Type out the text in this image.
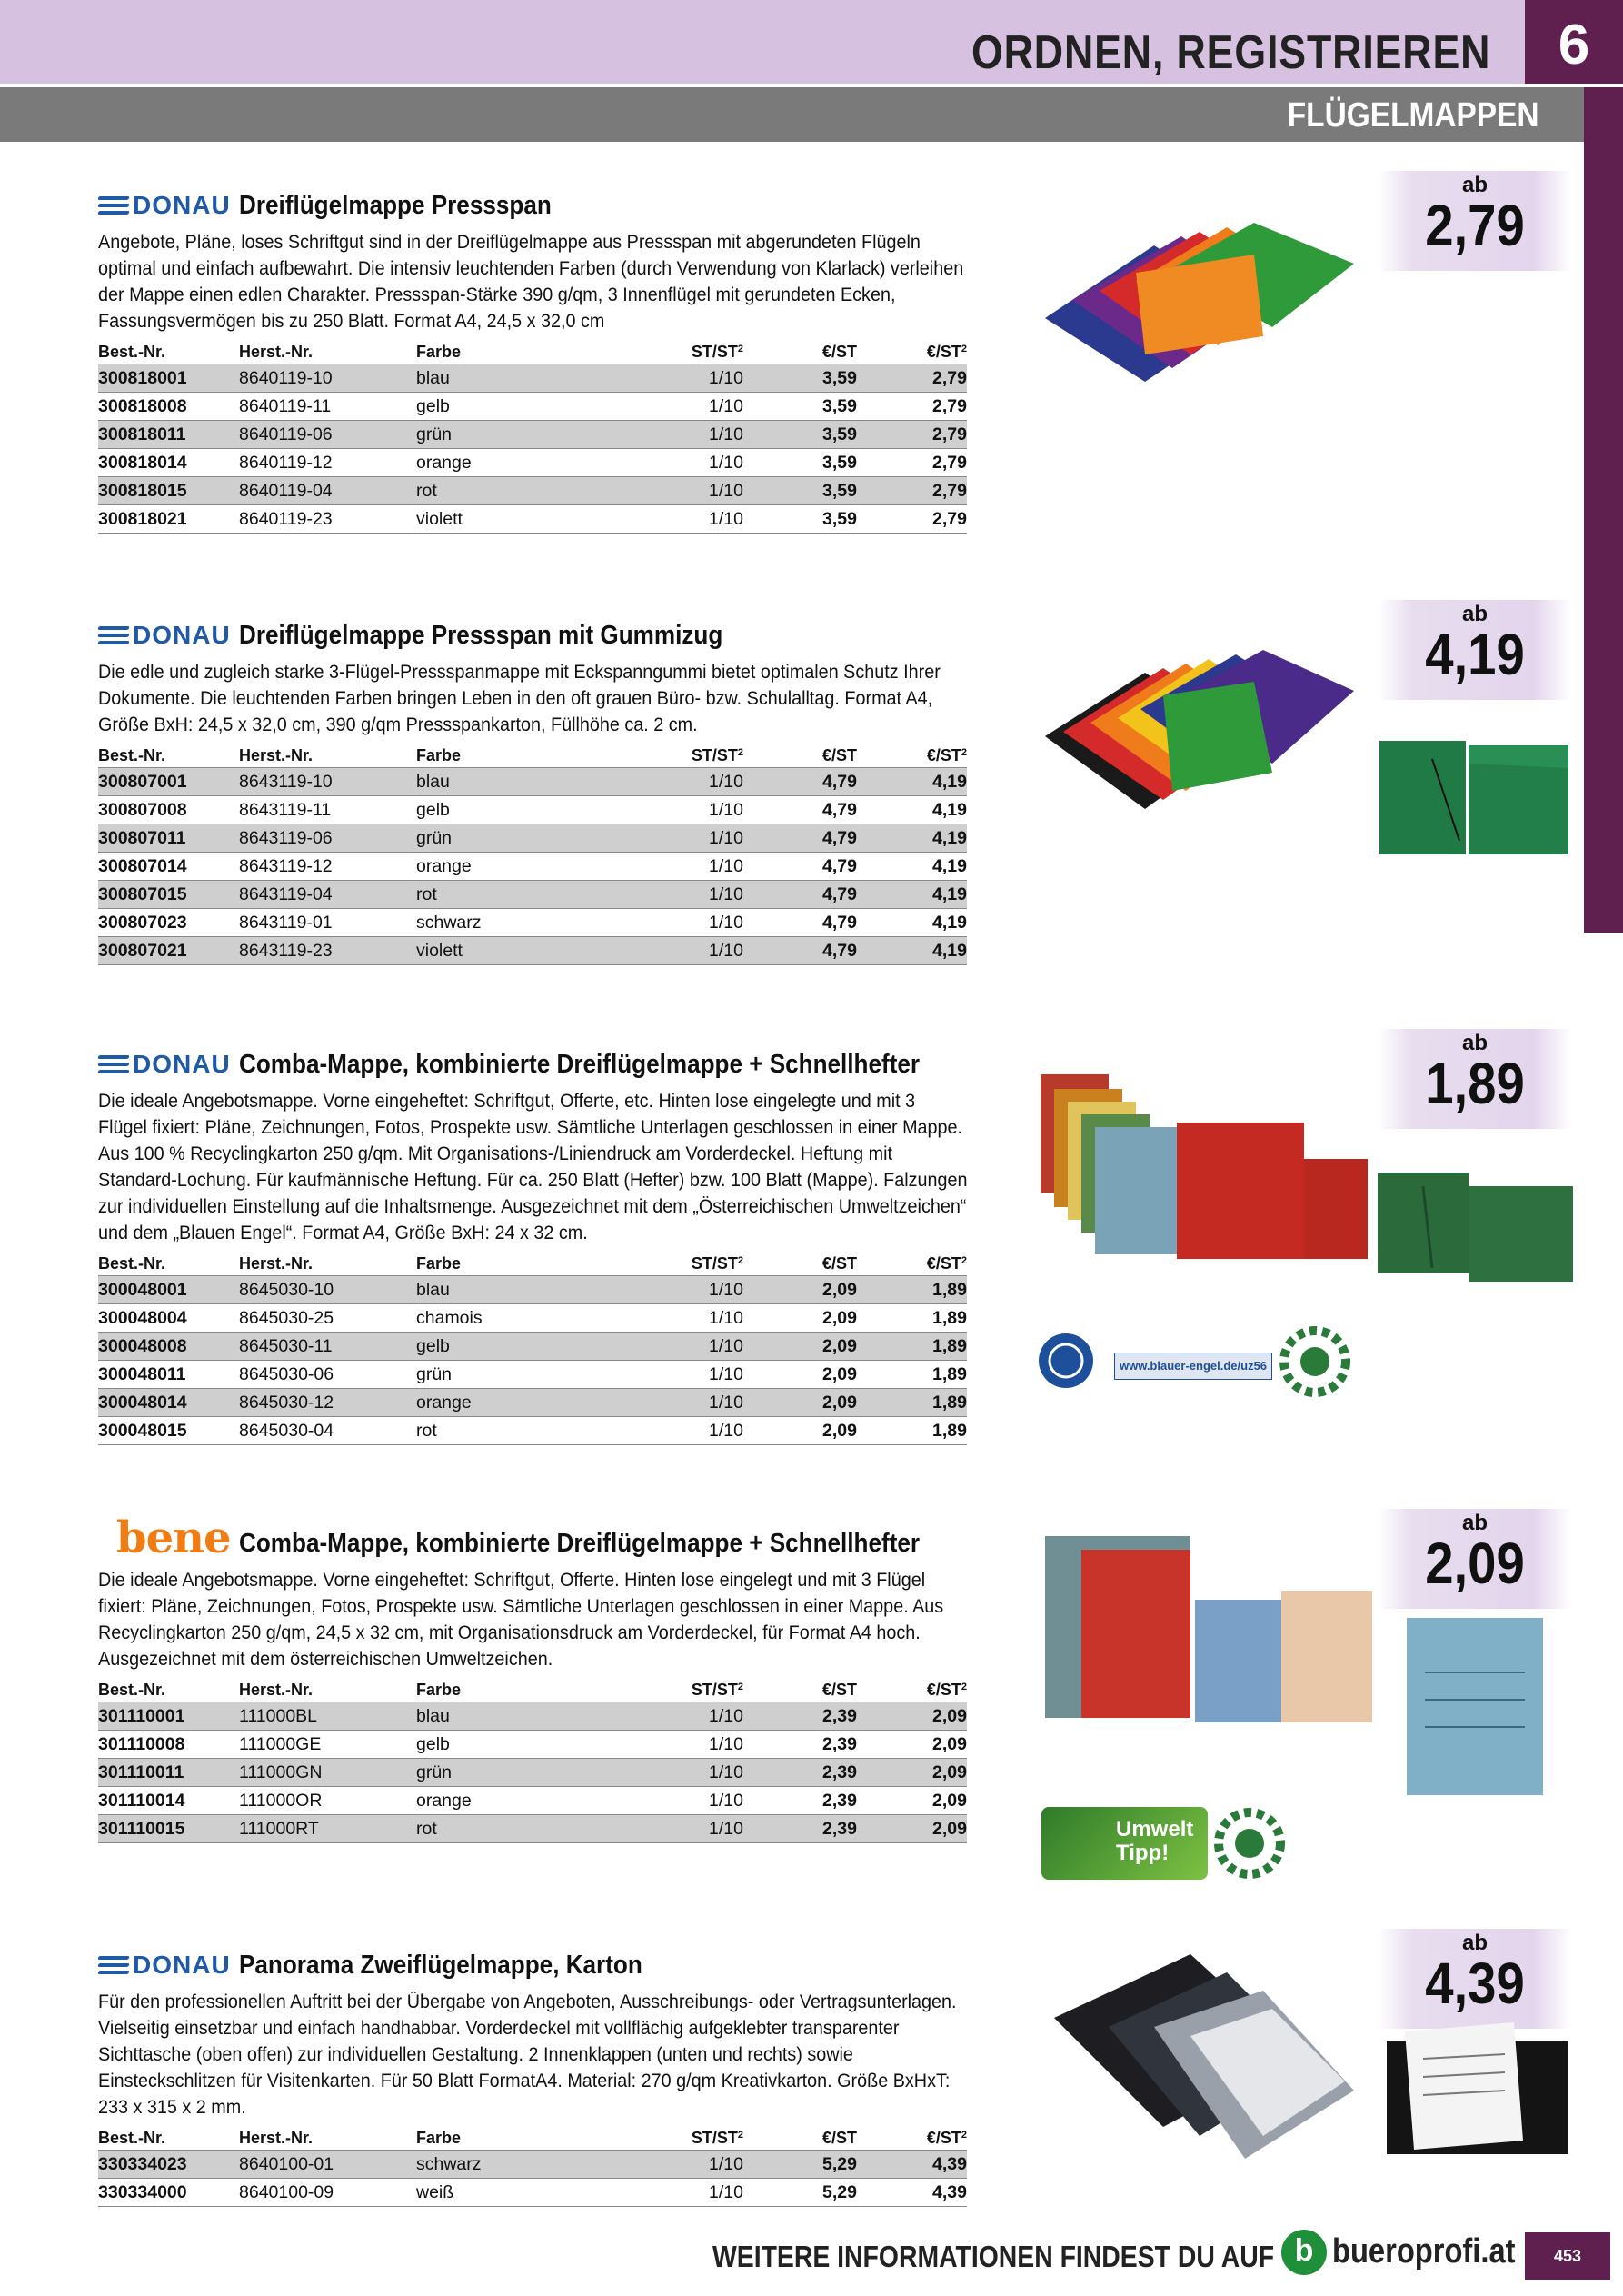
ORDNEN, REGISTRIEREN	6
FLÜGELMAPPEN
DONAU Dreiflügelmappe Pressspan

Angebote, Pläne, loses Schriftgut sind in der Dreiflügelmappe aus Pressspan mit abgerundeten Flügeln optimal und einfach aufbewahrt. Die intensiv leuchtenden Farben (durch Verwendung von Klarlack) verleihen der Mappe einen edlen Charakter. Pressspan-Stärke 390 g/qm, 3 Innenflügel mit gerundeten Ecken, Fassungsvermögen bis zu 250 Blatt. Format A4, 24,5 x 32,0 cm

Best.-Nr.	Herst.-Nr.	Farbe	$ST/ST^2$	€/ST	$€/ST^2$
300818001	8640119-10	blau	1/10	3,59	2,79
300818008	8640119-11	gelb	1/10	3,59	2,79
300818011	8640119-06	grün	1/10	3,59	2,79
300818014	8640119-12	orange	1/10	3,59	2,79
300818015	8640119-04	rot	1/10	3,59	2,79
300818021	8640119-23	violett	1/10	3,59	2,79
ab
2,79
DONAU Dreiflügelmappe Pressspan mit Gummizug

Die edle und zugleich starke 3-Flügel-Pressspanmappe mit Eckspanngummi bietet optimalen Schutz Ihrer Dokumente. Die leuchtenden Farben bringen Leben in den oft grauen Büro- bzw. Schulalltag. Format A4, Größe BxH: 24,5 x 32,0 cm, 390 g/qm Pressspankarton, Füllhöhe ca. 2 cm.

Best.-Nr.	Herst.-Nr.	Farbe	$ST/ST^2$	€/ST	$€/ST^2$
300807001	8643119-10	blau	1/10	4,79	4,19
300807008	8643119-11	gelb	1/10	4,79	4,19
300807011	8643119-06	grün	1/10	4,79	4,19
300807014	8643119-12	orange	1/10	4,79	4,19
300807015	8643119-04	rot	1/10	4,79	4,19
300807023	8643119-01	schwarz	1/10	4,79	4,19
300807021	8643119-23	violett	1/10	4,79	4,19
ab
4,19
DONAU Comba-Mappe, kombinierte Dreiflügelmappe + Schnellhefter

Die ideale Angebotsmappe. Vorne eingeheftet: Schriftgut, Offerte, etc. Hinten lose eingelegte und mit 3 Flügel fixiert: Pläne, Zeichnungen, Fotos, Prospekte usw. Sämtliche Unterlagen geschlossen in einer Mappe. Aus 100 % Recyclingkarton 250 g/qm. Mit Organisations-/Liniendruck am Vorderdeckel. Heftung mit Standard-Lochung. Für kaufmännische Heftung. Für ca. 250 Blatt (Hefter) bzw. 100 Blatt (Mappe). Falzungen zur individuellen Einstellung auf die Inhaltsmenge. Ausgezeichnet mit dem „Österreichischen Umweltzeichen“ und dem „Blauen Engel“. Format A4, Größe BxH: 24 x 32 cm.

Best.-Nr.	Herst.-Nr.	Farbe	$ST/ST^2$	€/ST	$€/ST^2$
300048001	8645030-10	blau	1/10	2,09	1,89
300048004	8645030-25	chamois	1/10	2,09	1,89
300048008	8645030-11	gelb	1/10	2,09	1,89
300048011	8645030-06	grün	1/10	2,09	1,89
300048014	8645030-12	orange	1/10	2,09	1,89
300048015	8645030-04	rot	1/10	2,09	1,89
ab
1,89
www.blauer-engel.de/uz56
bene Comba-Mappe, kombinierte Dreiflügelmappe + Schnellhefter

Die ideale Angebotsmappe. Vorne eingeheftet: Schriftgut, Offerte. Hinten lose eingelegt und mit 3 Flügel fixiert: Pläne, Zeichnungen, Fotos, Prospekte usw. Sämtliche Unterlagen geschlossen in einer Mappe. Aus Recyclingkarton 250 g/qm, 24,5 x 32 cm, mit Organisationsdruck am Vorderdeckel, für Format A4 hoch. Ausgezeichnet mit dem österreichischen Umweltzeichen.

Best.-Nr.	Herst.-Nr.	Farbe	$ST/ST^2$	€/ST	$€/ST^2$
301110001	111000BL	blau	1/10	2,39	2,09
301110008	111000GE	gelb	1/10	2,39	2,09
301110011	111000GN	grün	1/10	2,39	2,09
301110014	111000OR	orange	1/10	2,39	2,09
301110015	111000RT	rot	1/10	2,39	2,09
ab
2,09
Umwelt Tipp!
DONAU Panorama Zweiflügelmappe, Karton

Für den professionellen Auftritt bei der Übergabe von Angeboten, Ausschreibungs- oder Vertragsunterlagen. Vielseitig einsetzbar und einfach handhabbar. Vorderdeckel mit vollflächig aufgeklebter transparenter Sichttasche (oben offen) zur individuellen Gestaltung. 2 Innenklappen (unten und rechts) sowie Einsteckschlitzen für Visitenkarten. Für 50 Blatt FormatA4. Material: 270 g/qm Kreativkarton. Größe BxHxT: 233 x 315 x 2 mm.

Best.-Nr.	Herst.-Nr.	Farbe	$ST/ST^2$	€/ST	$€/ST^2$
330334023	8640100-01	schwarz	1/10	5,29	4,39
330334000	8640100-09	weiß	1/10	5,29	4,39
ab
4,39
WEITERE INFORMATIONEN FINDEST DU AUF b bueroprofi.at	453
